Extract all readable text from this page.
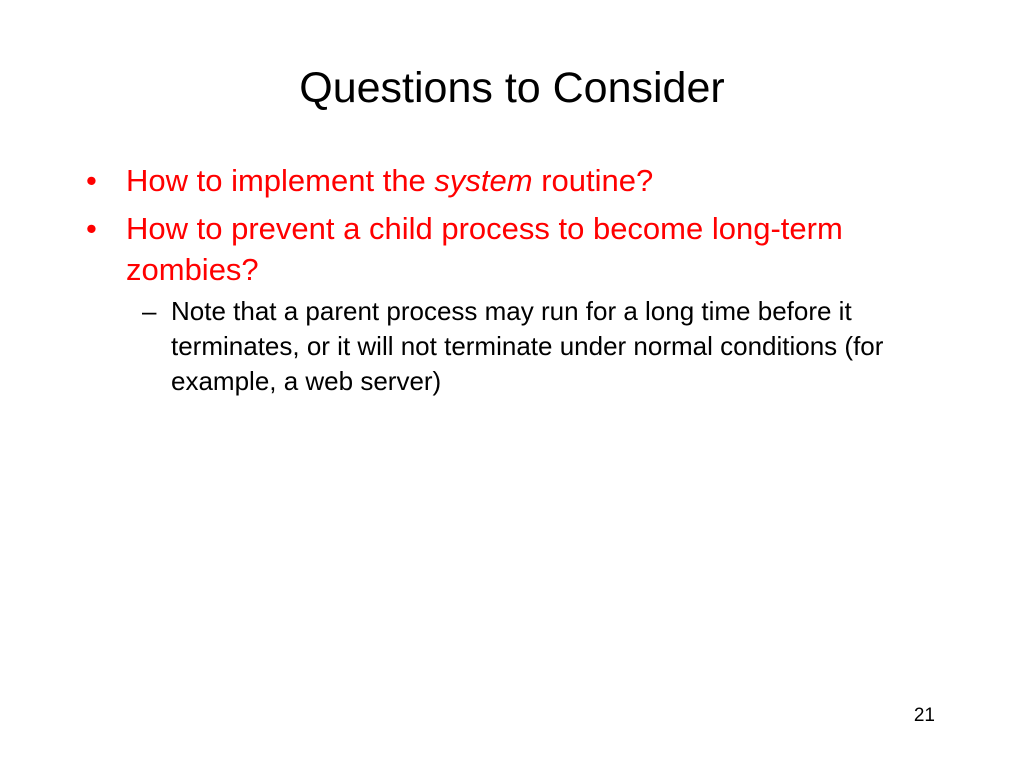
Questions to Consider
• How to implement the system routine?
• How to prevent a child process to become long-term zombies?
– Note that a parent process may run for a long time before it terminates, or it will not terminate under normal conditions (for example, a web server)
21
